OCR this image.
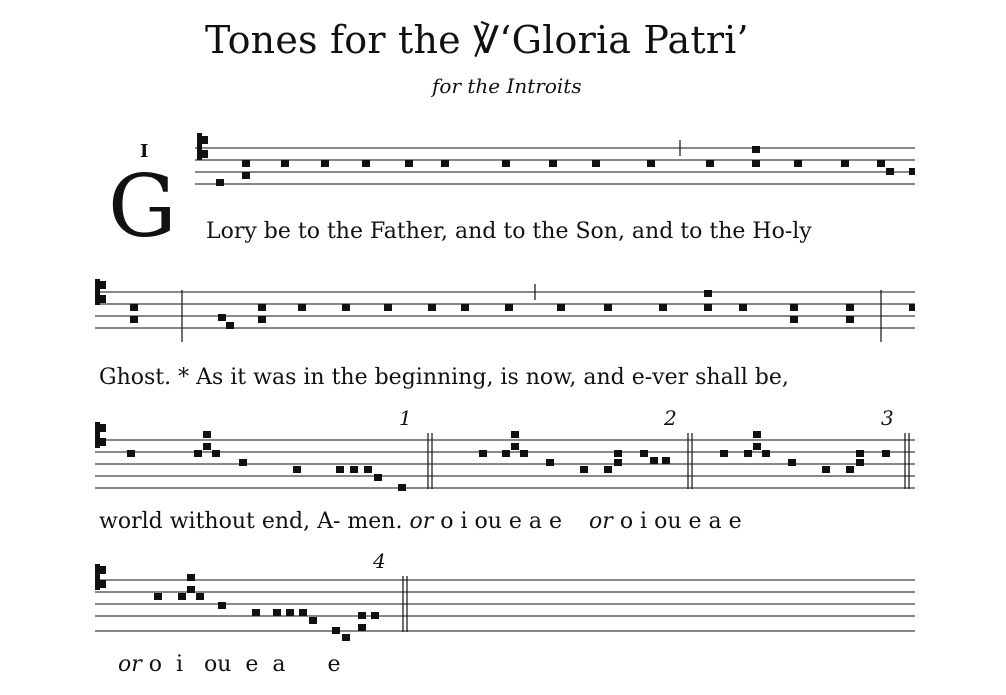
Tones for the ℣‘Gloria Patri’
for the Introits
I
G Lory be to the Father, and to the Son, and to the Ho-ly
Ghost. * As it was in the beginning, is now, and e-ver shall be,
1	2	3
world without end, A- men. or o i ou e a e or o i ou e a e
4
or o  i   ou  e  a      e
